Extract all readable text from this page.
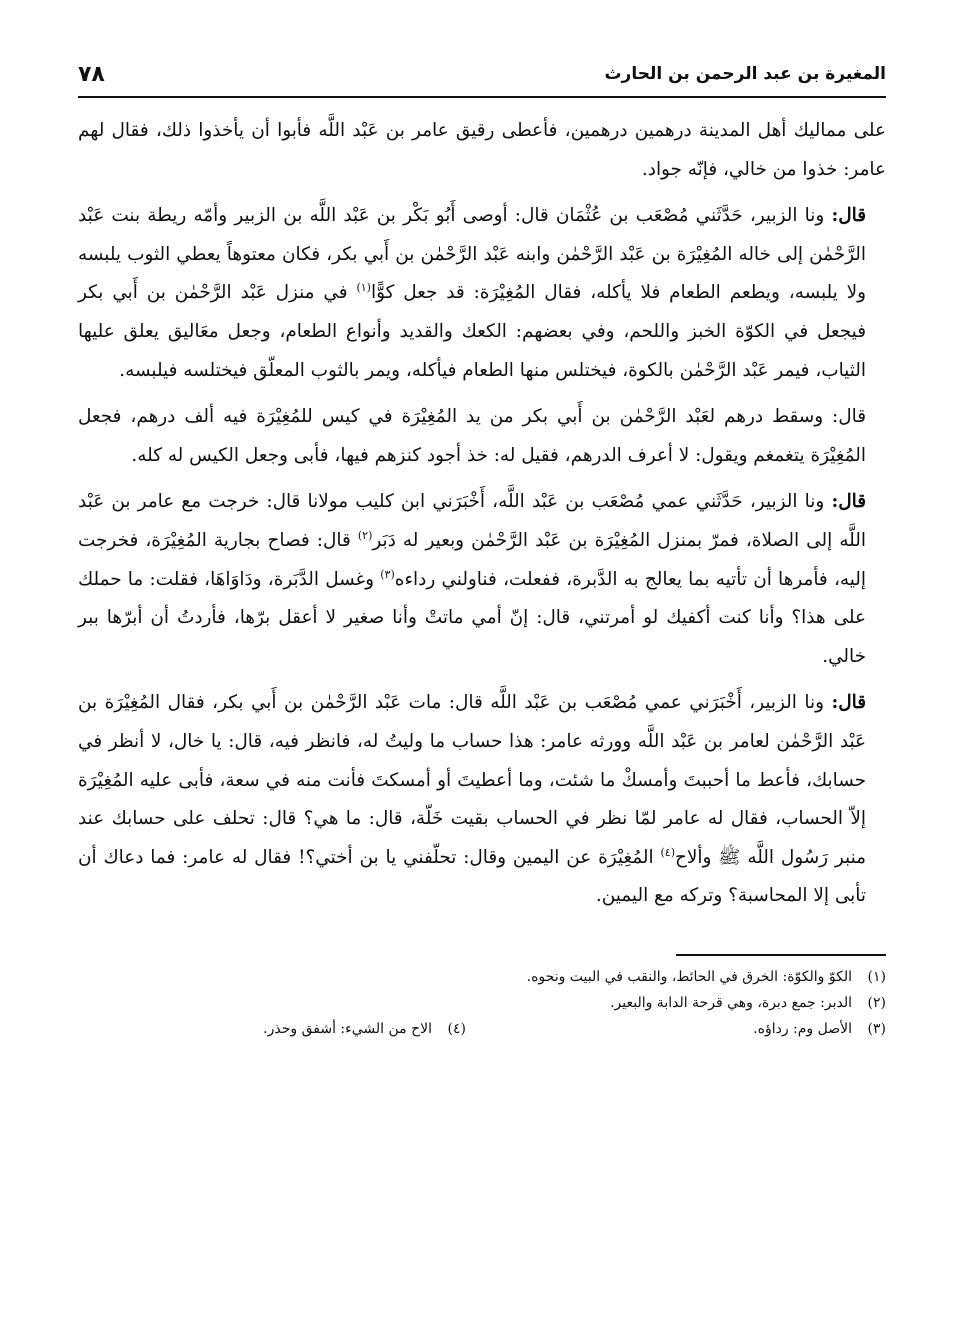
المغيرة بن عبد الرحمن بن الحارث
٧٨

على مماليك أهل المدينة درهمين درهمين، فأعطى رقيق عامر بن عَبْد اللَّه فأبوا أن يأخذوا ذلك، فقال لهم عامر: خذوا من خالي، فإنّه جواد.

قال: ونا الزبير، حَدَّثَني مُصْعَب بن عُثْمَان قال: أوصى أَبُو بَكْر بن عَبْد اللَّه بن الزبير وأمّه ريطة بنت عَبْد الرَّحْمٰن إلى خاله المُغِيْرَة بن عَبْد الرَّحْمٰن وابنه عَبْد الرَّحْمٰن بن أَبي بكر، فكان معتوهاً يعطي الثوب يلبسه ولا يلبسه، ويطعم الطعام فلا يأكله، فقال المُغِيْرَة: قد جعل كوًّا$^{(١)}$ في منزل عَبْد الرَّحْمٰن بن أَبي بكر فيجعل في الكوّة الخبز واللحم، وفي بعضهم: الكعك والقديد وأنواع الطعام، وجعل معَاليق يعلق عليها الثياب، فيمر عَبْد الرَّحْمٰن بالكوة، فيختلس منها الطعام فيأكله، ويمر بالثوب المعلّق فيختلسه فيلبسه.

قال: وسقط درهم لعَبْد الرَّحْمٰن بن أَبي بكر من يد المُغِيْرَة في كيس للمُغِيْرَة فيه ألف درهم، فجعل المُغِيْرَة يتغمغم ويقول: لا أعرف الدرهم، فقيل له: خذ أجود كنزهم فيها، فأبى وجعل الكيس له كله.

قال: ونا الزبير، حَدَّثَني عمي مُصْعَب بن عَبْد اللَّه، أَخْبَرَني ابن كليب مولانا قال: خرجت مع عامر بن عَبْد اللَّه إلى الصلاة، فمرّ بمنزل المُغِيْرَة بن عَبْد الرَّحْمٰن وبعير له دَبَر$^{(٢)}$ قال: فصاح بجارية المُغِيْرَة، فخرجت إليه، فأمرها أن تأتيه بما يعالج به الدَّبرة، ففعلت، فناولني رداءه$^{(٣)}$ وغسل الدَّبَرة، ودَاوَاهَا، فقلت: ما حملك على هذا؟ وأنا كنت أكفيك لو أمرتني، قال: إنّ أمي ماتتْ وأنا صغير لا أعقل برّها، فأردتُ أن أبرّها ببر خالي.

قال: ونا الزبير، أَخْبَرَني عمي مُصْعَب بن عَبْد اللَّه قال: مات عَبْد الرَّحْمٰن بن أَبي بكر، فقال المُغِيْرَة بن عَبْد الرَّحْمٰن لعامر بن عَبْد اللَّه وورثه عامر: هذا حساب ما وليتُ له، فانظر فيه، قال: يا خال، لا أنظر في حسابك، فأعط ما أحببتَ وأمسكْ ما شئت، وما أعطيتَ أو أمسكتَ فأنت منه في سعة، فأبى عليه المُغِيْرَة إلاّ الحساب، فقال له عامر لمّا نظر في الحساب بقيت خَلّة، قال: ما هي؟ قال: تحلف على حسابك عند منبر رَسُول اللَّه ﷺ وألاح$^{(٤)}$ المُغِيْرَة عن اليمين وقال: تحلّفني يا بن أختي؟! فقال له عامر: فما دعاك أن تأبى إلا المحاسبة؟ وتركه مع اليمين.

(١)
الكوّ والكوّة: الخرق في الحائط، والنقب في البيت ونحوه.
(٢)
الدبر: جمع دبرة، وهي قرحة الدابة والبعير.
(٣)
الأصل وم: رداؤه.
(٤)
الاح من الشيء: أشفق وحذر.
